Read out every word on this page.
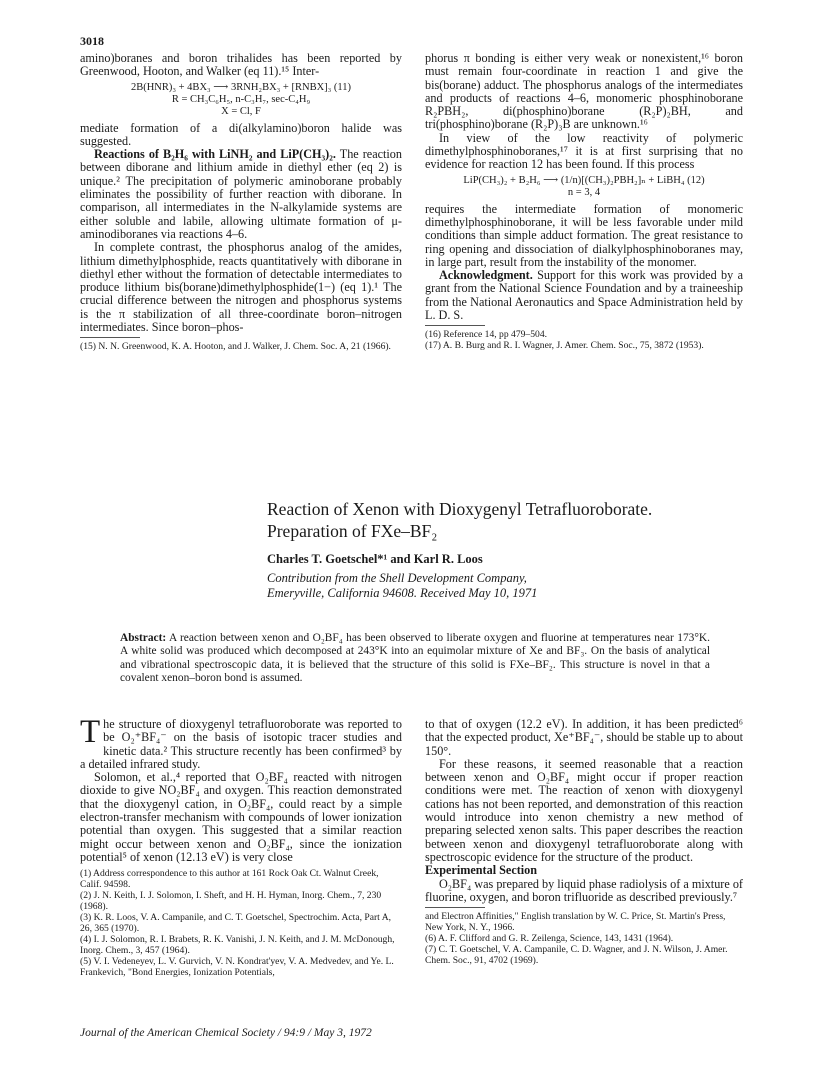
3018

amino)boranes and boron trihalides has been reported by Greenwood, Hooton, and Walker (eq 11).¹⁵ Inter-

2B(HNR)₃ + 4BX₃ ⟶ 3RNH₂BX₃ + [RNBX]₃ (11)
R = CH₃C₆H₅, n-C₃H₇, sec-C₄H₉
X = Cl, F

mediate formation of a di(alkylamino)boron halide was suggested.

Reactions of B₂H₆ with LiNH₂ and LiP(CH₃)₂. The reaction between diborane and lithium amide in diethyl ether (eq 2) is unique.² The precipitation of polymeric aminoborane probably eliminates the possibility of further reaction with diborane. In comparison, all intermediates in the N-alkylamide systems are either soluble and labile, allowing ultimate formation of μ-aminodiboranes via reactions 4–6.

In complete contrast, the phosphorus analog of the amides, lithium dimethylphosphide, reacts quantitatively with diborane in diethyl ether without the formation of detectable intermediates to produce lithium bis(borane)dimethylphosphide(1−) (eq 1).¹ The crucial difference between the nitrogen and phosphorus systems is the π stabilization of all three-coordinate boron–nitrogen intermediates. Since boron–phos-

(15) N. N. Greenwood, K. A. Hooton, and J. Walker, J. Chem. Soc. A, 21 (1966).

phorus π bonding is either very weak or nonexistent,¹⁶ boron must remain four-coordinate in reaction 1 and give the bis(borane) adduct. The phosphorus analogs of the intermediates and products of reactions 4–6, monomeric phosphinoborane R₂PBH₂, di(phosphino)borane (R₂P)₂BH, and tri(phosphino)borane (R₂P)₃B are unknown.¹⁶

In view of the low reactivity of polymeric dimethylphosphinoboranes,¹⁷ it is at first surprising that no evidence for reaction 12 has been found. If this process

LiP(CH₃)₂ + B₂H₆ ⟶ (1/n)[(CH₃)₂PBH₂]ₙ + LiBH₄ (12)
n = 3, 4

requires the intermediate formation of monomeric dimethylphosphinoborane, it will be less favorable under mild conditions than simple adduct formation. The great resistance to ring opening and dissociation of dialkylphosphinoboranes may, in large part, result from the instability of the monomer.

Acknowledgment. Support for this work was provided by a grant from the National Science Foundation and by a traineeship from the National Aeronautics and Space Administration held by L. D. S.

(16) Reference 14, pp 479–504.

(17) A. B. Burg and R. I. Wagner, J. Amer. Chem. Soc., 75, 3872 (1953).

Reaction of Xenon with Dioxygenyl Tetrafluoroborate.
Preparation of FXe–BF₂
Charles T. Goetschel*¹ and Karl R. Loos
Contribution from the Shell Development Company,
Emeryville, California 94608. Received May 10, 1971

Abstract: A reaction between xenon and O₂BF₄ has been observed to liberate oxygen and fluorine at temperatures near 173°K. A white solid was produced which decomposed at 243°K into an equimolar mixture of Xe and BF₃. On the basis of analytical and vibrational spectroscopic data, it is believed that the structure of this solid is FXe–BF₂. This structure is novel in that a covalent xenon–boron bond is assumed.

The structure of dioxygenyl tetrafluoroborate was reported to be O₂⁺BF₄⁻ on the basis of isotopic tracer studies and kinetic data.² This structure recently has been confirmed³ by a detailed infrared study.

Solomon, et al.,⁴ reported that O₂BF₄ reacted with nitrogen dioxide to give NO₂BF₄ and oxygen. This reaction demonstrated that the dioxygenyl cation, in O₂BF₄, could react by a simple electron-transfer mechanism with compounds of lower ionization potential than oxygen. This suggested that a similar reaction might occur between xenon and O₂BF₄, since the ionization potential⁵ of xenon (12.13 eV) is very close

(1) Address correspondence to this author at 161 Rock Oak Ct. Walnut Creek, Calif. 94598.

(2) J. N. Keith, I. J. Solomon, I. Sheft, and H. H. Hyman, Inorg. Chem., 7, 230 (1968).

(3) K. R. Loos, V. A. Campanile, and C. T. Goetschel, Spectrochim. Acta, Part A, 26, 365 (1970).

(4) I. J. Solomon, R. I. Brabets, R. K. Vanishi, J. N. Keith, and J. M. McDonough, Inorg. Chem., 3, 457 (1964).

(5) V. I. Vedeneyev, L. V. Gurvich, V. N. Kondrat'yev, V. A. Medvedev, and Ye. L. Frankevich, "Bond Energies, Ionization Potentials,

to that of oxygen (12.2 eV). In addition, it has been predicted⁶ that the expected product, Xe⁺BF₄⁻, should be stable up to about 150°.

For these reasons, it seemed reasonable that a reaction between xenon and O₂BF₄ might occur if proper reaction conditions were met. The reaction of xenon with dioxygenyl cations has not been reported, and demonstration of this reaction would introduce into xenon chemistry a new method of preparing selected xenon salts. This paper describes the reaction between xenon and dioxygenyl tetrafluoroborate along with spectroscopic evidence for the structure of the product.

Experimental Section

O₂BF₄ was prepared by liquid phase radiolysis of a mixture of fluorine, oxygen, and boron trifluoride as described previously.⁷

and Electron Affinities," English translation by W. C. Price, St. Martin's Press, New York, N. Y., 1966.

(6) A. F. Clifford and G. R. Zeilenga, Science, 143, 1431 (1964).

(7) C. T. Goetschel, V. A. Campanile, C. D. Wagner, and J. N. Wilson, J. Amer. Chem. Soc., 91, 4702 (1969).

Journal of the American Chemical Society / 94:9 / May 3, 1972
